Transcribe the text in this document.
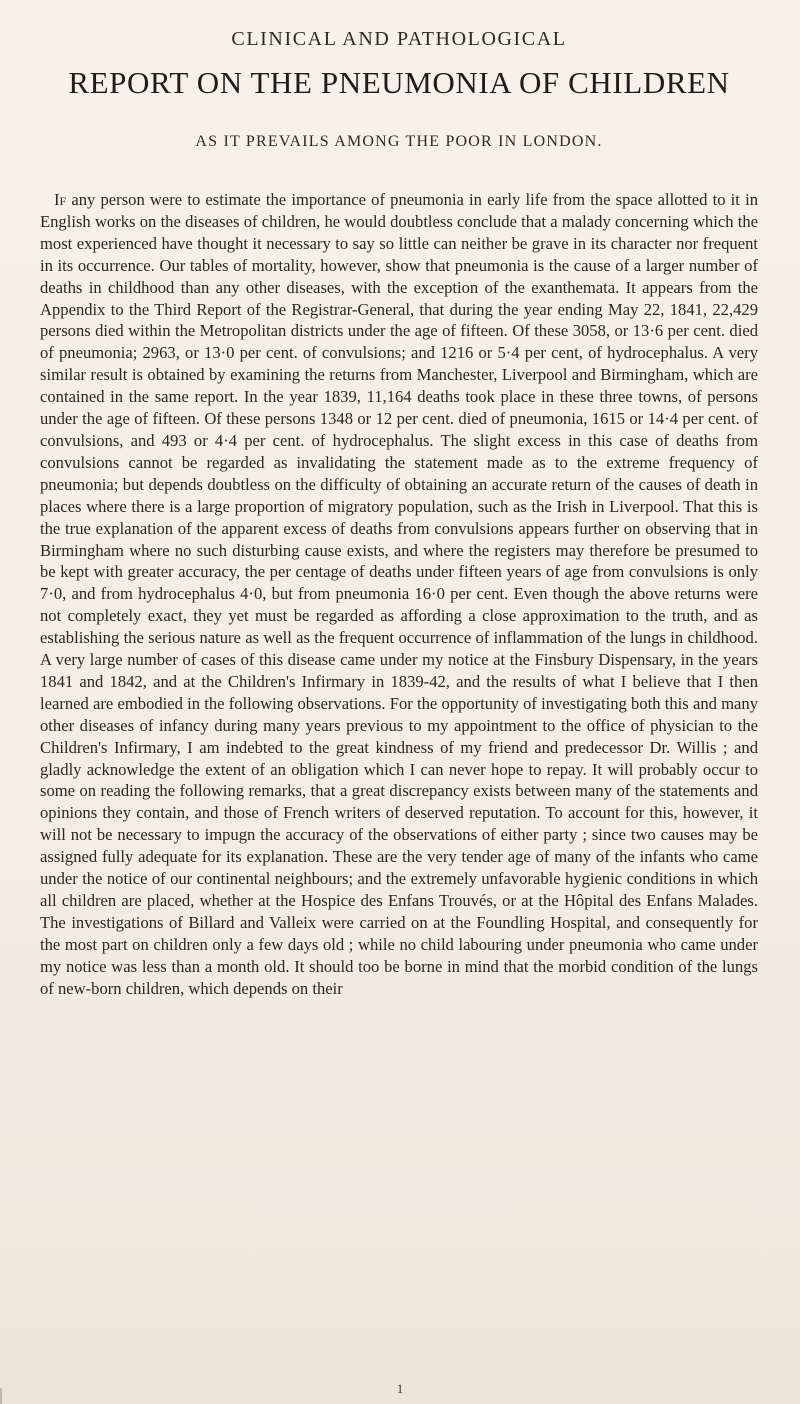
CLINICAL AND PATHOLOGICAL
REPORT ON THE PNEUMONIA OF CHILDREN
AS IT PREVAILS AMONG THE POOR IN LONDON.

If any person were to estimate the importance of pneumonia in early life from the space allotted to it in English works on the diseases of children, he would doubtless conclude that a malady concerning which the most experienced have thought it necessary to say so little can neither be grave in its character nor frequent in its occurrence. Our tables of mortality, however, show that pneumonia is the cause of a larger number of deaths in childhood than any other diseases, with the exception of the exanthemata. It appears from the Appendix to the Third Report of the Registrar-General, that during the year ending May 22, 1841, 22,429 persons died within the Metropolitan districts under the age of fifteen. Of these 3058, or 13·6 per cent. died of pneumonia; 2963, or 13·0 per cent. of convulsions; and 1216 or 5·4 per cent, of hydrocephalus. A very similar result is obtained by examining the returns from Manchester, Liverpool and Birmingham, which are contained in the same report. In the year 1839, 11,164 deaths took place in these three towns, of persons under the age of fifteen. Of these persons 1348 or 12 per cent. died of pneumonia, 1615 or 14·4 per cent. of convulsions, and 493 or 4·4 per cent. of hydrocephalus. The slight excess in this case of deaths from convulsions cannot be regarded as invalidating the statement made as to the extreme frequency of pneumonia; but depends doubtless on the difficulty of obtaining an accurate return of the causes of death in places where there is a large proportion of migratory population, such as the Irish in Liverpool. That this is the true explanation of the apparent excess of deaths from convulsions appears further on observing that in Birmingham where no such disturbing cause exists, and where the registers may therefore be presumed to be kept with greater accuracy, the per centage of deaths under fifteen years of age from convulsions is only 7·0, and from hydrocephalus 4·0, but from pneumonia 16·0 per cent. Even though the above returns were not completely exact, they yet must be regarded as affording a close approximation to the truth, and as establishing the serious nature as well as the frequent occurrence of inflammation of the lungs in childhood. A very large number of cases of this disease came under my notice at the Finsbury Dispensary, in the years 1841 and 1842, and at the Children's Infirmary in 1839-42, and the results of what I believe that I then learned are embodied in the following observations. For the opportunity of investigating both this and many other diseases of infancy during many years previous to my appointment to the office of physician to the Children's Infirmary, I am indebted to the great kindness of my friend and predecessor Dr. Willis ; and gladly acknowledge the extent of an obligation which I can never hope to repay. It will probably occur to some on reading the following remarks, that a great discrepancy exists between many of the statements and opinions they contain, and those of French writers of deserved reputation. To account for this, however, it will not be necessary to impugn the accuracy of the observations of either party ; since two causes may be assigned fully adequate for its explanation. These are the very tender age of many of the infants who came under the notice of our continental neighbours; and the extremely unfavorable hygienic conditions in which all children are placed, whether at the Hospice des Enfans Trouvés, or at the Hôpital des Enfans Malades. The investigations of Billard and Valleix were carried on at the Foundling Hospital, and consequently for the most part on children only a few days old ; while no child labouring under pneumonia who came under my notice was less than a month old. It should too be borne in mind that the morbid condition of the lungs of new-born children, which depends on their

1
